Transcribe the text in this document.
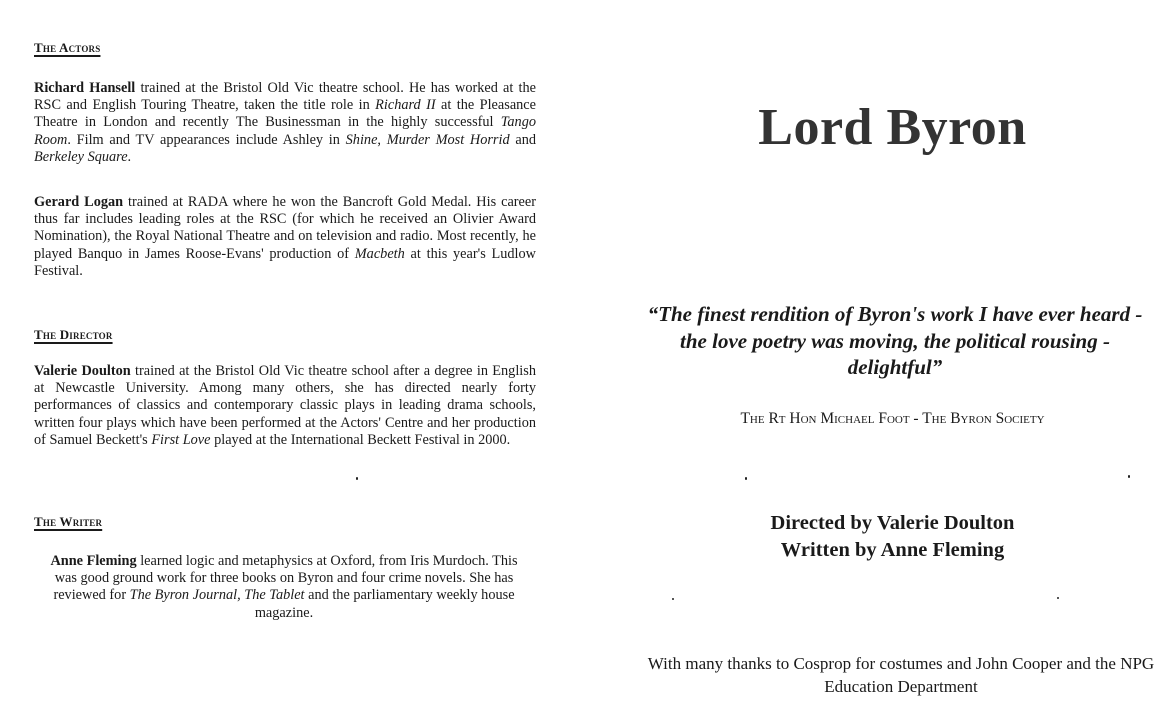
The Actors

Richard Hansell trained at the Bristol Old Vic theatre school. He has worked at the RSC and English Touring Theatre, taken the title role in Richard II at the Pleasance Theatre in London and recently The Businessman in the highly successful Tango Room. Film and TV appearances include Ashley in Shine, Murder Most Horrid and Berkeley Square.

Gerard Logan trained at RADA where he won the Bancroft Gold Medal. His career thus far includes leading roles at the RSC (for which he received an Olivier Award Nomination), the Royal National Theatre and on television and radio. Most recently, he played Banquo in James Roose-Evans' production of Macbeth at this year's Ludlow Festival.

The Director

Valerie Doulton trained at the Bristol Old Vic theatre school after a degree in English at Newcastle University. Among many others, she has directed nearly forty performances of classics and contemporary classic plays in leading drama schools, written four plays which have been performed at the Actors' Centre and her production of Samuel Beckett's First Love played at the International Beckett Festival in 2000.

The Writer

Anne Fleming learned logic and metaphysics at Oxford, from Iris Murdoch. This was good ground work for three books on Byron and four crime novels. She has reviewed for The Byron Journal, The Tablet and the parliamentary weekly house magazine.

Lord Byron
“The finest rendition of Byron's work I have ever heard - the love poetry was moving, the political rousing - delightful”
The Rt Hon Michael Foot - The Byron Society
Directed by Valerie Doulton
Written by Anne Fleming
With many thanks to Cosprop for costumes and John Cooper and the NPG Education Department
